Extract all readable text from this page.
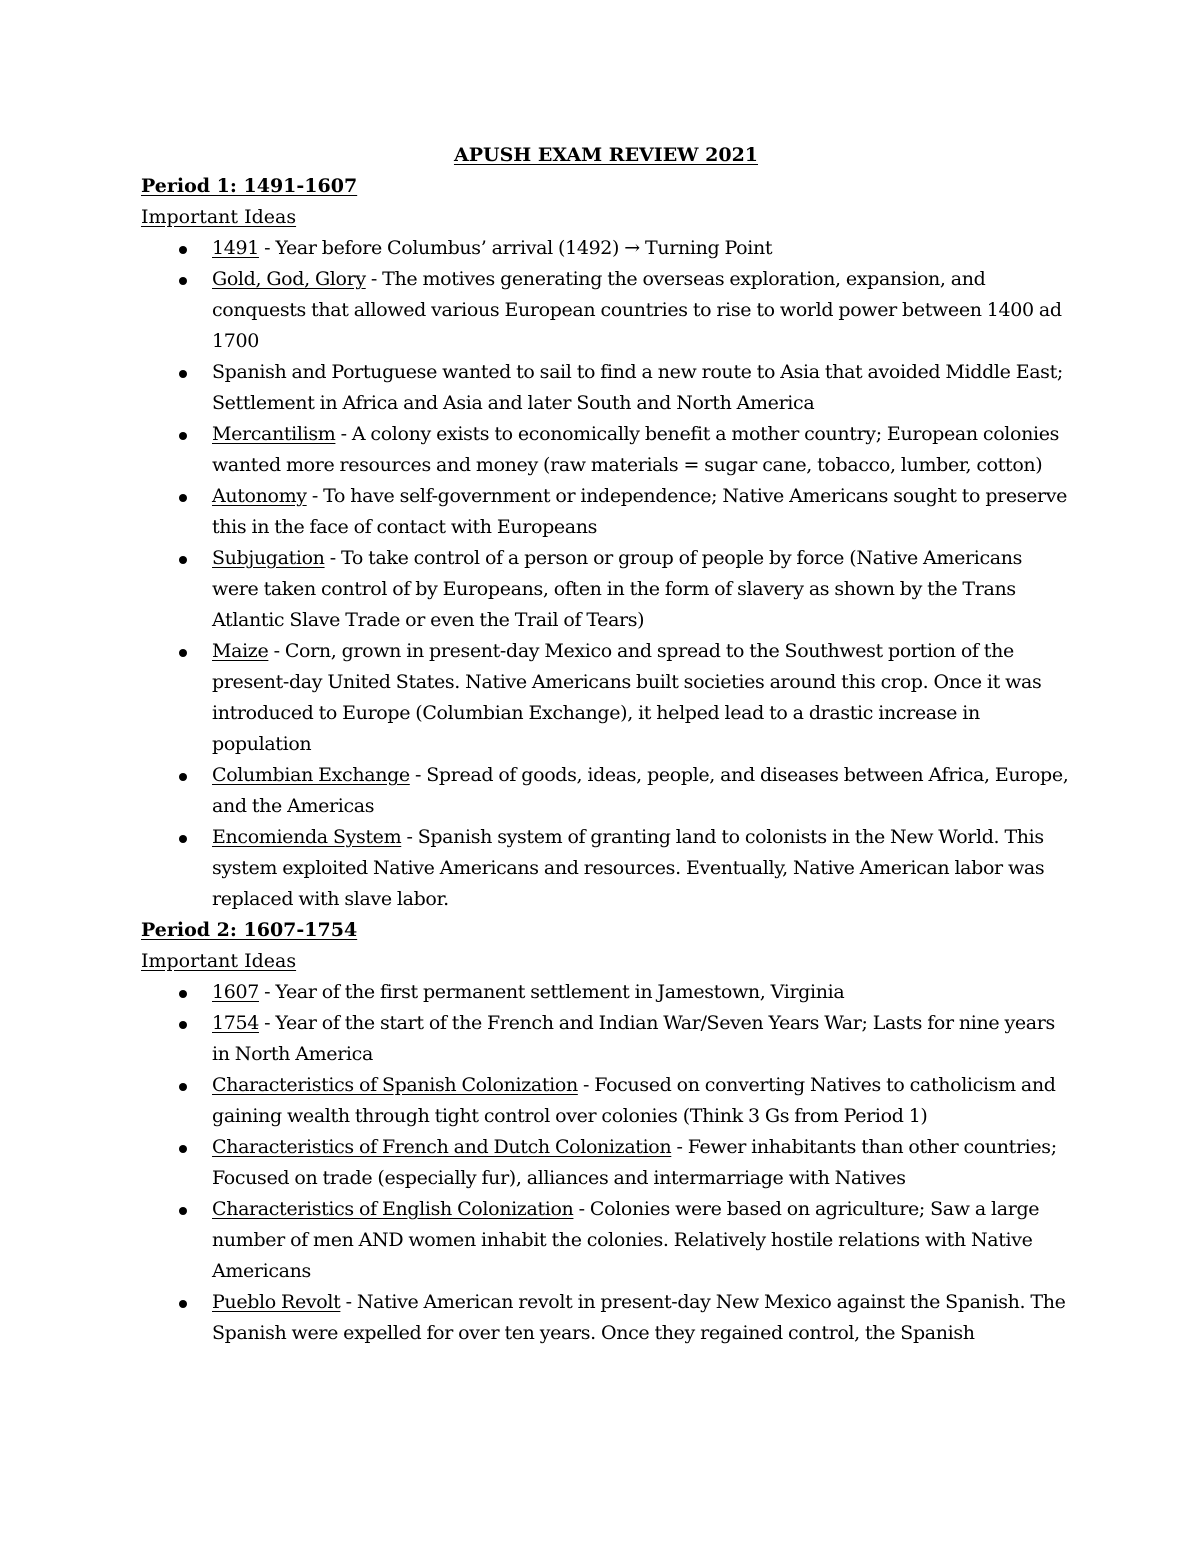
APUSH EXAM REVIEW 2021
Period 1: 1491-1607
Important Ideas
1491 - Year before Columbus’ arrival (1492) → Turning Point
Gold, God, Glory - The motives generating the overseas exploration, expansion, and conquests that allowed various European countries to rise to world power between 1400 ad 1700
Spanish and Portuguese wanted to sail to find a new route to Asia that avoided Middle East; Settlement in Africa and Asia and later South and North America
Mercantilism - A colony exists to economically benefit a mother country; European colonies wanted more resources and money (raw materials = sugar cane, tobacco, lumber, cotton)
Autonomy - To have self-government or independence; Native Americans sought to preserve this in the face of contact with Europeans
Subjugation - To take control of a person or group of people by force (Native Americans were taken control of by Europeans, often in the form of slavery as shown by the Trans Atlantic Slave Trade or even the Trail of Tears)
Maize - Corn, grown in present-day Mexico and spread to the Southwest portion of the present-day United States. Native Americans built societies around this crop. Once it was introduced to Europe (Columbian Exchange), it helped lead to a drastic increase in population
Columbian Exchange - Spread of goods, ideas, people, and diseases between Africa, Europe, and the Americas
Encomienda System - Spanish system of granting land to colonists in the New World. This system exploited Native Americans and resources. Eventually, Native American labor was replaced with slave labor.
Period 2: 1607-1754
Important Ideas
1607 - Year of the first permanent settlement in Jamestown, Virginia
1754 - Year of the start of the French and Indian War/Seven Years War; Lasts for nine years in North America
Characteristics of Spanish Colonization - Focused on converting Natives to catholicism and gaining wealth through tight control over colonies (Think 3 Gs from Period 1)
Characteristics of French and Dutch Colonization - Fewer inhabitants than other countries; Focused on trade (especially fur), alliances and intermarriage with Natives
Characteristics of English Colonization - Colonies were based on agriculture; Saw a large number of men AND women inhabit the colonies. Relatively hostile relations with Native Americans
Pueblo Revolt - Native American revolt in present-day New Mexico against the Spanish. The Spanish were expelled for over ten years. Once they regained control, the Spanish
